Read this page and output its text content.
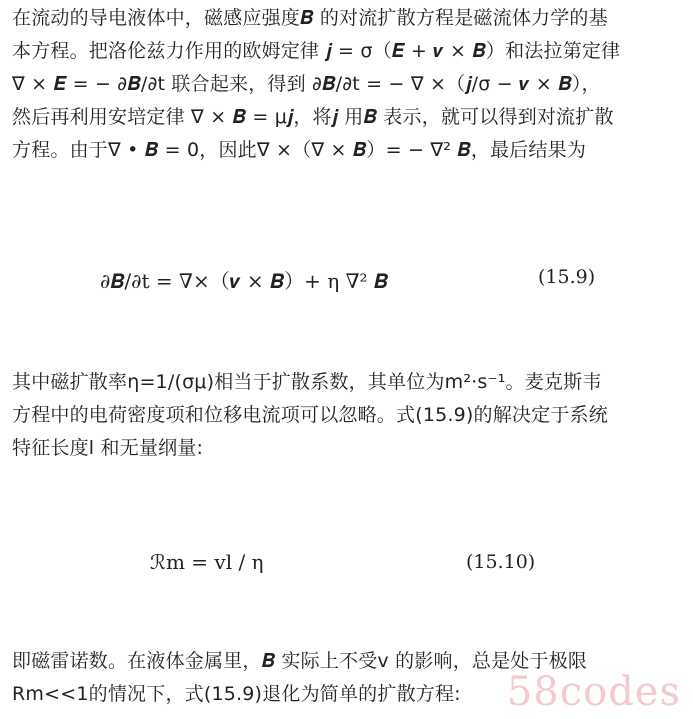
在流动的导电液体中，磁感应强度𝑩 的对流扩散方程是磁流体力学的基
本方程。把洛伦兹力作用的欧姆定律 𝒋 = σ（𝑬 + 𝒗 × 𝑩）和法拉第定律
∇ × 𝑬 = − ∂𝑩/∂t 联合起来，得到 ∂𝑩/∂t = − ∇ ×（𝒋/σ − 𝒗 × 𝑩），
然后再利用安培定律 ∇ × 𝑩 = μ𝒋，将𝒋 用𝑩 表示，就可以得到对流扩散
方程。由于∇ • 𝑩 = 0，因此∇ ×（∇ × 𝑩）= − ∇² 𝑩，最后结果为
∂𝑩/∂t = ∇×（𝒗 × 𝑩）+ η ∇² 𝑩	(15.9)
其中磁扩散率η=1/(σμ)相当于扩散系数，其单位为m²·s⁻¹。麦克斯韦
方程中的电荷密度项和位移电流项可以忽略。式(15.9)的解决定于系统
特征长度l 和无量纲量:
ℛm = vl / η	(15.10)
即磁雷诺数。在液体金属里，𝑩 实际上不受v 的影响，总是处于极限
Rm<<1的情况下，式(15.9)退化为简单的扩散方程:	58codes
